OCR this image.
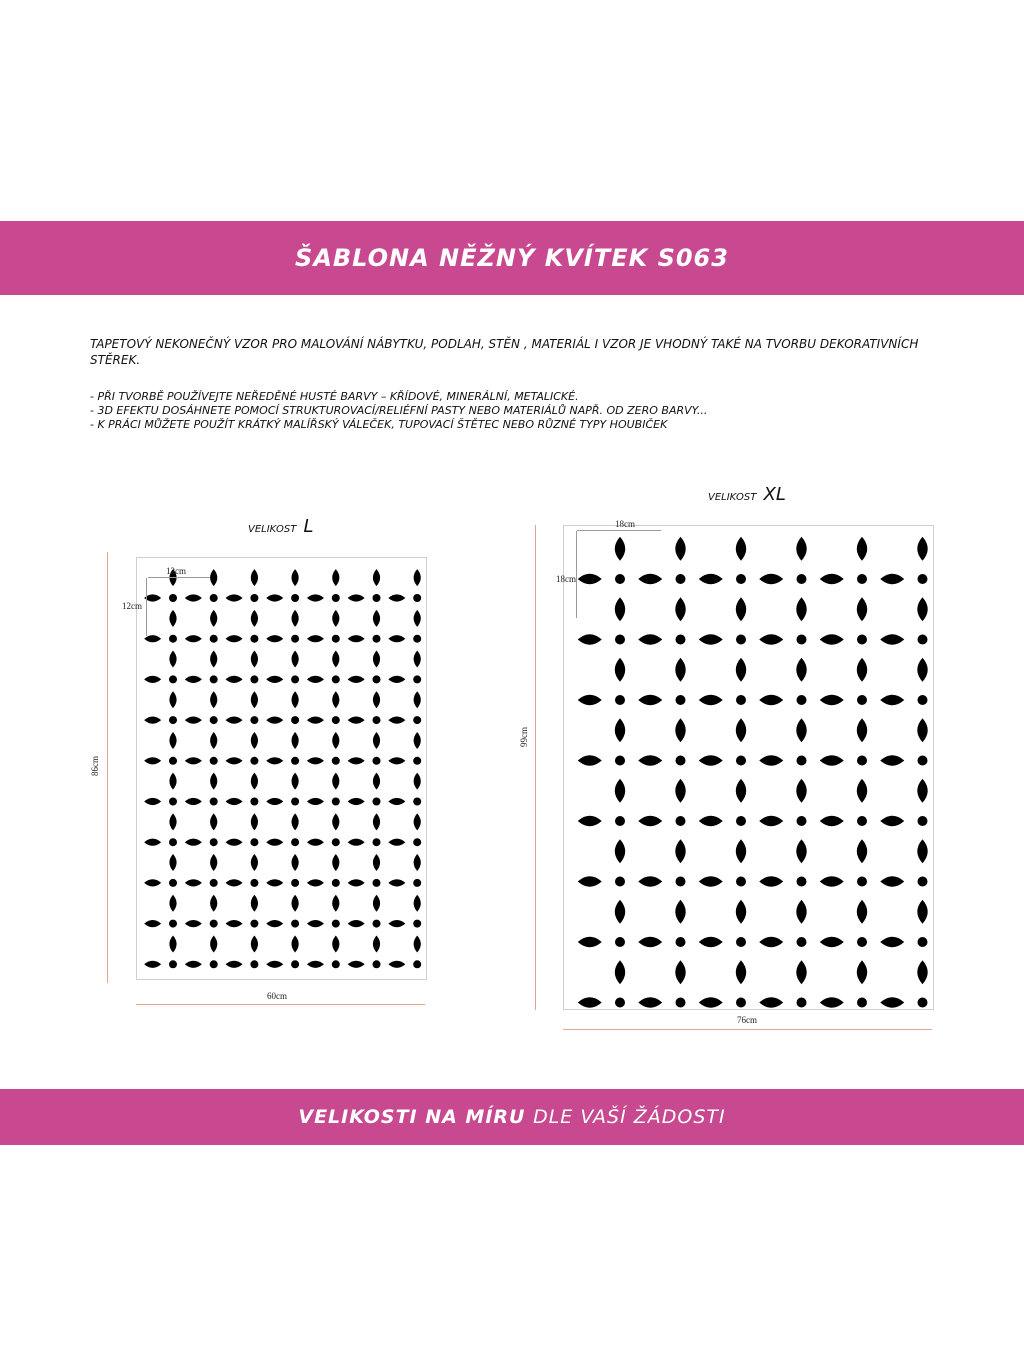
ŠABLONA NĚŽNÝ KVÍTEK S063
TAPETOVÝ NEKONEČNÝ VZOR PRO MALOVÁNÍ NÁBYTKU, PODLAH, STĚN , MATERIÁL I VZOR JE VHODNÝ TAKÉ NA TVORBU DEKORATIVNÍCH STĚREK.
- PŘI TVORBĚ POUŽÍVEJTE NEŘEDĚNÉ HUSTÉ BARVY – KŘÍDOVÉ, MINERÁLNÍ, METALICKÉ.
- 3D EFEKTU DOSÁHNETE POMOCÍ STRUKTUROVACÍ/RELIÉFNÍ PASTY NEBO MATERIÁLŮ NAPŘ. OD ZERO BARVY...
- K PRÁCI MŮŽETE POUŽÍT KRÁTKÝ MALÍŘSKÝ VÁLEČEK, TUPOVACÍ ŠTĚTEC NEBO RŮZNÉ TYPY HOUBIČEK
VELIKOST L
86cm
60cm
12cm
12cm
VELIKOST XL
99cm
76cm
18cm
18cm
VELIKOSTI NA MÍRU DLE VAŠÍ ŽÁDOSTI
